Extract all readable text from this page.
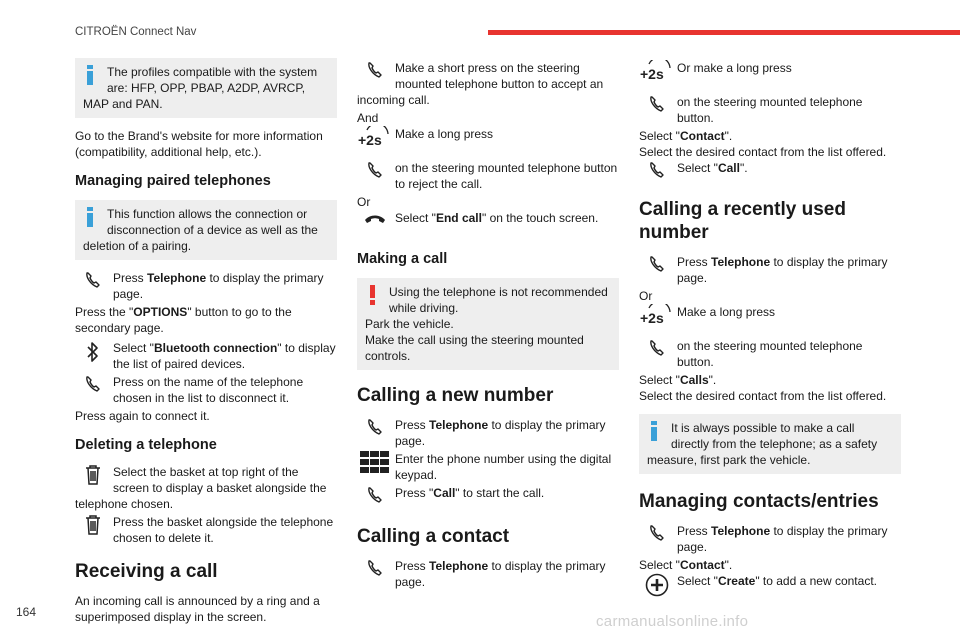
CITROËN Connect Nav
The profiles compatible with the system
are: HFP, OPP, PBAP, A2DP, AVRCP,
MAP and PAN.
Go to the Brand's website for more information (compatibility, additional help, etc.).
Managing paired telephones
This function allows the connection or
disconnection of a device as well as the
deletion of a pairing.
Press Telephone to display the primary page.
Press the "OPTIONS" button to go to the secondary page.
Select "Bluetooth connection" to display the list of paired devices.
Press on the name of the telephone chosen in the list to disconnect it.
Press again to connect it.
Deleting a telephone
Select the basket at top right of the screen to display a basket alongside the
telephone chosen.
Press the basket alongside the telephone chosen to delete it.
Receiving a call
An incoming call is announced by a ring and a superimposed display in the screen.
Make a short press on the steering mounted telephone button to accept an
incoming call.
And
+2s	Make a long press
on the steering mounted telephone button to reject the call.
Or
Select "End call" on the touch screen.
Making a call
Using the telephone is not recommended
while driving.
Park the vehicle.
Make the call using the steering mounted controls.
Calling a new number
Press Telephone to display the primary page.
Enter the phone number using the digital keypad.
Press "Call" to start the call.
Calling a contact
Press Telephone to display the primary page.
+2s	Or make a long press
on the steering mounted telephone button.
Select "Contact".
Select the desired contact from the list offered.
Select "Call".
Calling a recently used number
Press Telephone to display the primary page.
Or
+2s	Make a long press
on the steering mounted telephone button.
Select "Calls".
Select the desired contact from the list offered.
It is always possible to make a call
directly from the telephone; as a safety
measure, first park the vehicle.
Managing contacts/entries
Press Telephone to display the primary page.
Select "Contact".
Select "Create" to add a new contact.
164
carmanualsonline.info
